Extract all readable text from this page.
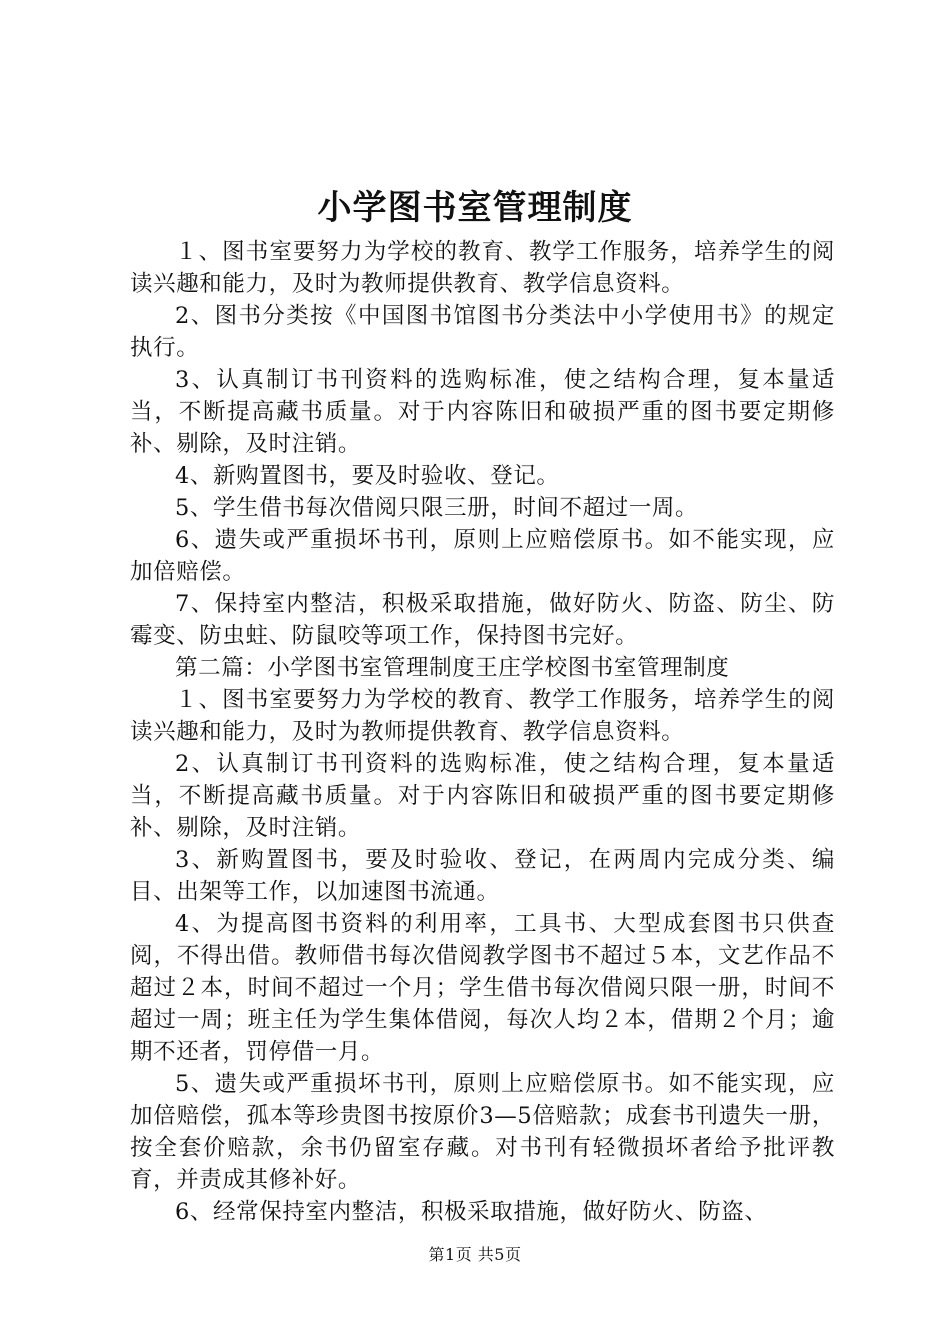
小学图书室管理制度

１、图书室要努力为学校的教育、教学工作服务，培养学生的阅读兴趣和能力，及时为教师提供教育、教学信息资料。

2、图书分类按《中国图书馆图书分类法中小学使用书》的规定执行。

3、认真制订书刊资料的选购标准，使之结构合理，复本量适当，不断提高藏书质量。对于内容陈旧和破损严重的图书要定期修补、剔除，及时注销。

4、新购置图书，要及时验收、登记。

5、学生借书每次借阅只限三册，时间不超过一周。

6、遗失或严重损坏书刊，原则上应赔偿原书。如不能实现，应加倍赔偿。

7、保持室内整洁，积极采取措施，做好防火、防盗、防尘、防霉变、防虫蛀、防鼠咬等项工作，保持图书完好。

第二篇：小学图书室管理制度王庄学校图书室管理制度

１、图书室要努力为学校的教育、教学工作服务，培养学生的阅读兴趣和能力，及时为教师提供教育、教学信息资料。

2、认真制订书刊资料的选购标准，使之结构合理，复本量适当，不断提高藏书质量。对于内容陈旧和破损严重的图书要定期修补、剔除，及时注销。

3、新购置图书，要及时验收、登记，在两周内完成分类、编目、出架等工作，以加速图书流通。

4、为提高图书资料的利用率，工具书、大型成套图书只供查阅，不得出借。教师借书每次借阅教学图书不超过５本，文艺作品不超过２本，时间不超过一个月；学生借书每次借阅只限一册，时间不超过一周；班主任为学生集体借阅，每次人均２本，借期２个月；逾期不还者，罚停借一月。

5、遗失或严重损坏书刊，原则上应赔偿原书。如不能实现，应加倍赔偿，孤本等珍贵图书按原价3—5倍赔款；成套书刊遗失一册，按全套价赔款，余书仍留室存藏。对书刊有轻微损坏者给予批评教育，并责成其修补好。

6、经常保持室内整洁，积极采取措施，做好防火、防盗、

第1页 共5页
